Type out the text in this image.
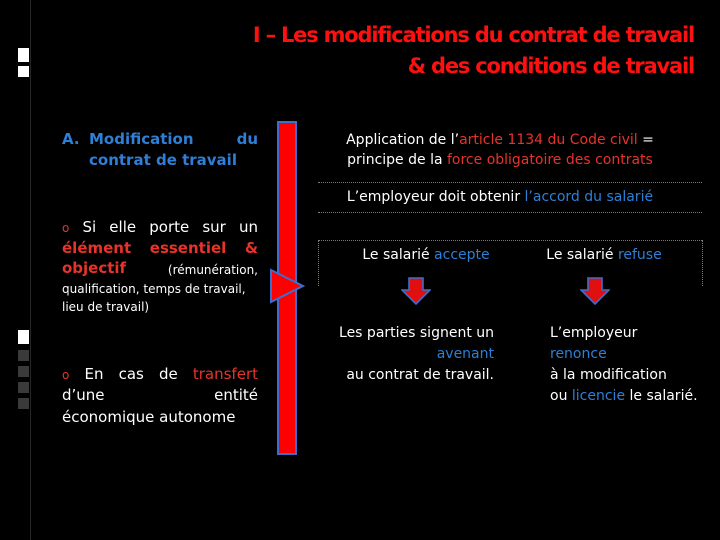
I – Les modifications du contrat de travail
& des conditions de travail
A. Modification	du
contrat de travail
o Si elle porte sur un
élément essentiel &
objectif	(rémunération,
qualification, temps de travail,
lieu de travail)
o En cas de transfert
d’une	entité
économique autonome
Application de l’article 1134 du Code civil =
principe de la force obligatoire des contrats
L’employeur doit obtenir l’accord du salarié
Le salarié accepte	Le salarié refuse
Les parties signent un
avenant
au contrat de travail.
L’employeur
renonce
à la modification
ou licencie le salarié.
